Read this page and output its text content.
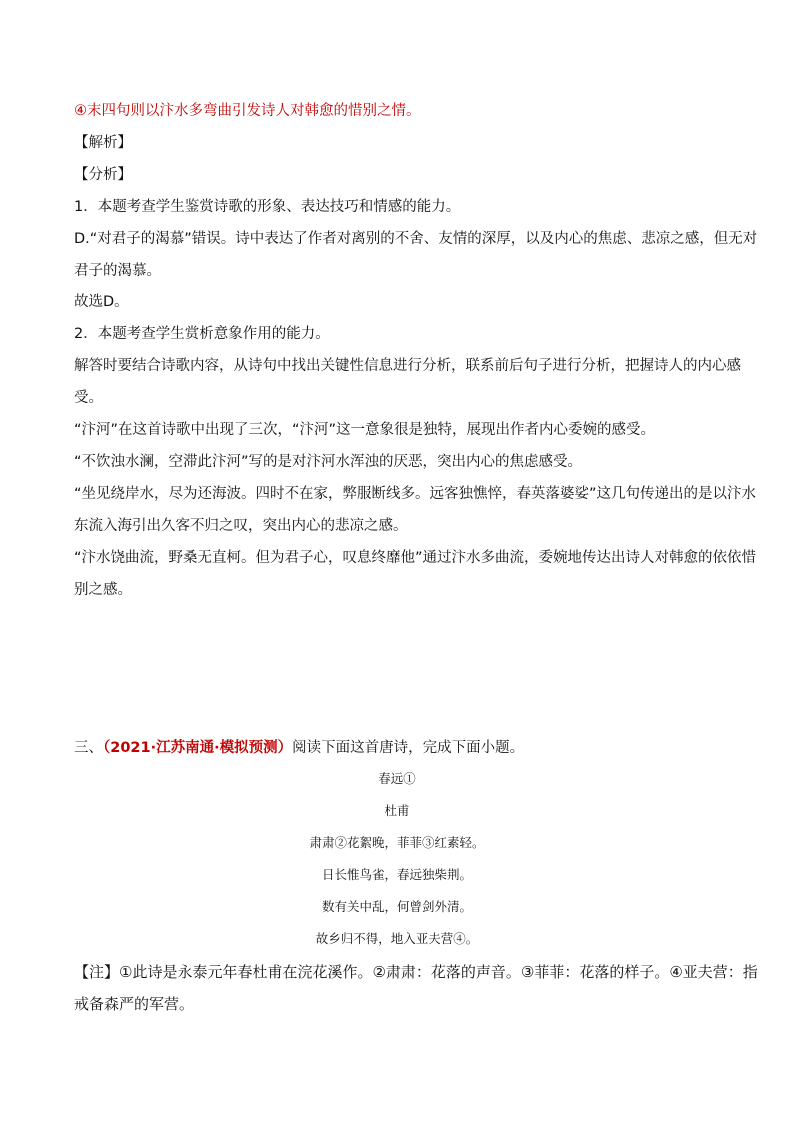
④末四句则以汴水多弯曲引发诗人对韩愈的惜别之情。
【解析】
【分析】
1．本题考查学生鉴赏诗歌的形象、表达技巧和情感的能力。
D.“对君子的渴慕”错误。诗中表达了作者对离别的不舍、友情的深厚，以及内心的焦虑、悲凉之感，但无对
君子的渴慕。
故选D。
2．本题考查学生赏析意象作用的能力。
解答时要结合诗歌内容，从诗句中找出关键性信息进行分析，联系前后句子进行分析，把握诗人的内心感
受。
“汴河”在这首诗歌中出现了三次，“汴河”这一意象很是独特，展现出作者内心委婉的感受。
“不饮浊水澜，空滞此汴河”写的是对汴河水浑浊的厌恶，突出内心的焦虑感受。
“坐见绕岸水，尽为还海波。四时不在家，弊服断线多。远客独憔悴，春英落婆娑”这几句传递出的是以汴水
东流入海引出久客不归之叹，突出内心的悲凉之感。
“汴水饶曲流，野桑无直柯。但为君子心，叹息终靡他”通过汴水多曲流，委婉地传达出诗人对韩愈的依依惜
别之感。
三、（2021·江苏南通·模拟预测）阅读下面这首唐诗，完成下面小题。
春远①
杜甫
肃肃②花絮晚，菲菲③红素轻。
日长惟鸟雀，春远独柴荆。
数有关中乱，何曾剑外清。
故乡归不得，地入亚夫营④。
【注】①此诗是永泰元年春杜甫在浣花溪作。②肃肃：花落的声音。③菲菲：花落的样子。④亚夫营：指
戒备森严的军营。
